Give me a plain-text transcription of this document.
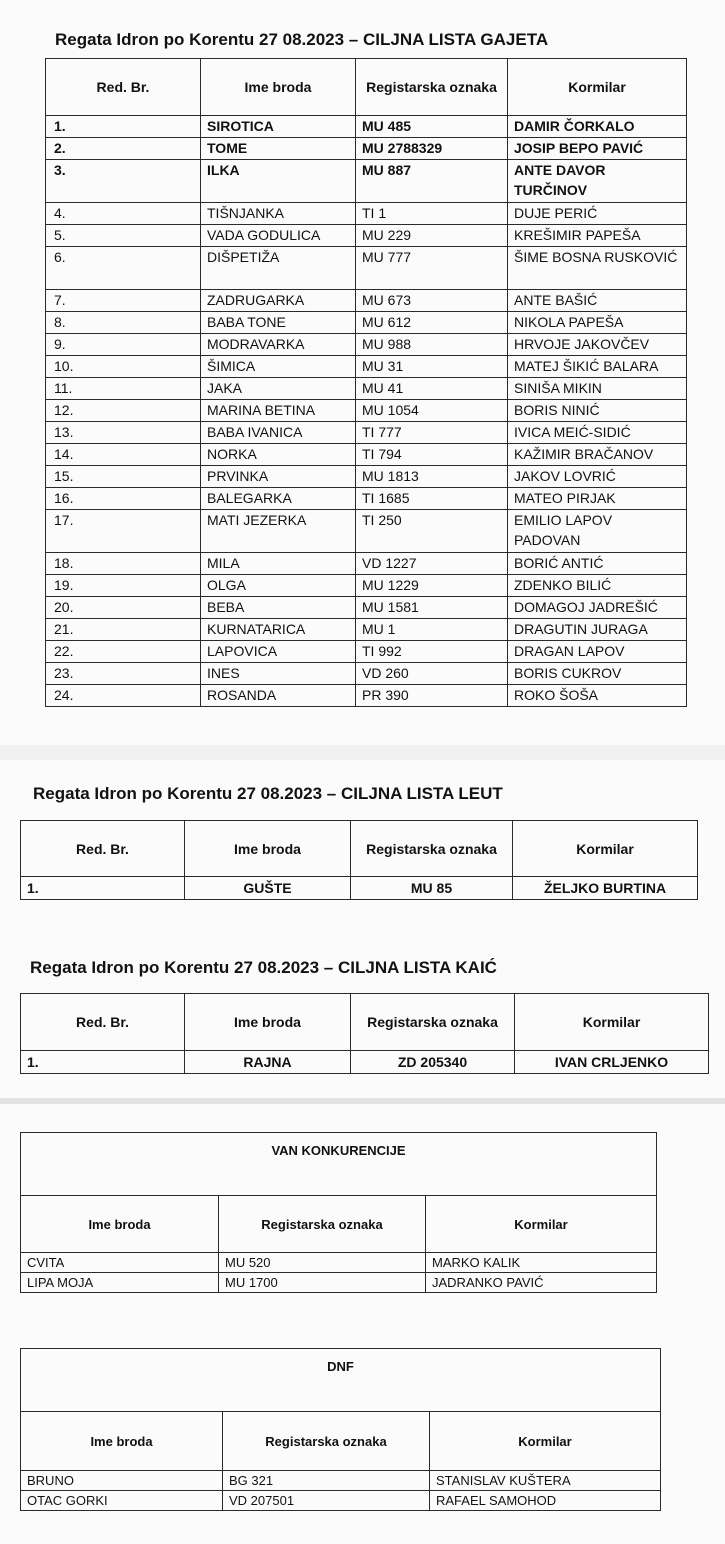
Regata Idron po Korentu 27 08.2023 – CILJNA LISTA GAJETA
Red. Br.	Ime broda	Registarska oznaka	Kormilar
1.	SIROTICA	MU 485	DAMIR ČORKALO
2.	TOME	MU 2788329	JOSIP BEPO PAVIĆ
3.	ILKA	MU 887	ANTE DAVOR TURČINOV
4.	TIŠNJANKA	TI 1	DUJE PERIĆ
5.	VADA GODULICA	MU 229	KREŠIMIR PAPEŠA
6.	DIŠPETIŽA	MU 777	ŠIME BOSNA RUSKOVIĆ
7.	ZADRUGARKA	MU 673	ANTE BAŠIĆ
8.	BABA TONE	MU 612	NIKOLA PAPEŠA
9.	MODRAVARKA	MU 988	HRVOJE JAKOVČEV
10.	ŠIMICA	MU 31	MATEJ ŠIKIĆ BALARA
11.	JAKA	MU 41	SINIŠA MIKIN
12.	MARINA BETINA	MU 1054	BORIS NINIĆ
13.	BABA IVANICA	TI 777	IVICA MEIĆ-SIDIĆ
14.	NORKA	TI 794	KAŽIMIR BRAČANOV
15.	PRVINKA	MU 1813	JAKOV LOVRIĆ
16.	BALEGARKA	TI 1685	MATEO PIRJAK
17.	MATI JEZERKA	TI 250	EMILIO LAPOV PADOVAN
18.	MILA	VD 1227	BORIĆ ANTIĆ
19.	OLGA	MU 1229	ZDENKO BILIĆ
20.	BEBA	MU 1581	DOMAGOJ JADREŠIĆ
21.	KURNATARICA	MU 1	DRAGUTIN JURAGA
22.	LAPOVICA	TI 992	DRAGAN LAPOV
23.	INES	VD 260	BORIS CUKROV
24.	ROSANDA	PR 390	ROKO ŠOŠA
Regata Idron po Korentu 27 08.2023 – CILJNA LISTA LEUT
Red. Br.	Ime broda	Registarska oznaka	Kormilar
1.	GUŠTE	MU 85	ŽELJKO BURTINA
Regata Idron po Korentu 27 08.2023 – CILJNA LISTA KAIĆ
Red. Br.	Ime broda	Registarska oznaka	Kormilar
1.	RAJNA	ZD 205340	IVAN CRLJENKO
VAN KONKURENCIJE		
Ime broda	Registarska oznaka	Kormilar
CVITA	MU 520	MARKO KALIK
LIPA MOJA	MU 1700	JADRANKO PAVIĆ
DNF		
Ime broda	Registarska oznaka	Kormilar
BRUNO	BG 321	STANISLAV KUŠTERA
OTAC GORKI	VD 207501	RAFAEL SAMOHOD
